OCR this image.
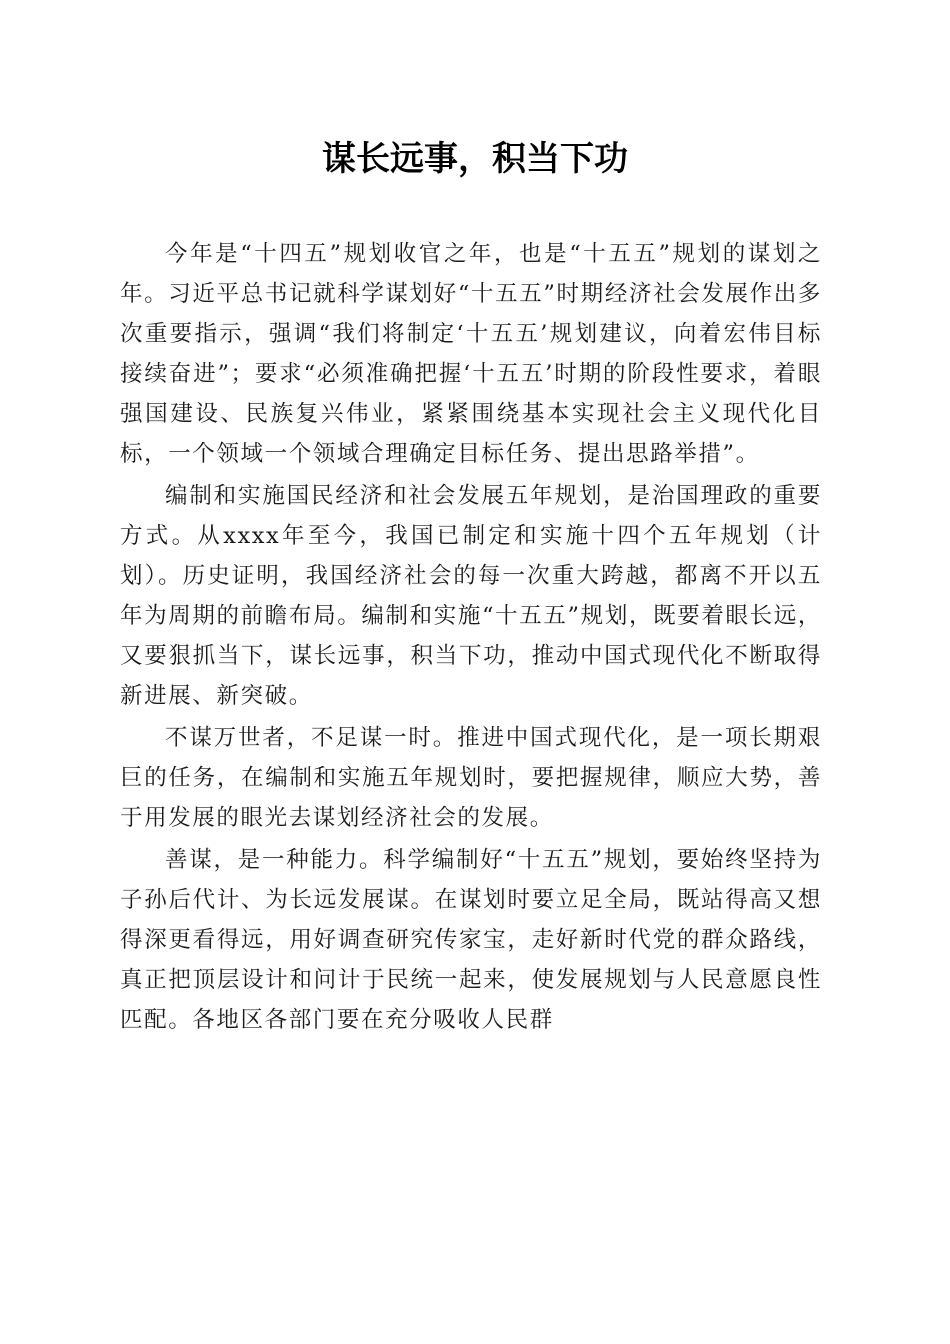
谋长远事，积当下功

今年是“十四五”规划收官之年，也是“十五五”规划的谋划之年。习近平总书记就科学谋划好“十五五”时期经济社会发展作出多次重要指示，强调“我们将制定‘十五五’规划建议，向着宏伟目标接续奋进”；要求“必须准确把握‘十五五’时期的阶段性要求，着眼强国建设、民族复兴伟业，紧紧围绕基本实现社会主义现代化目标，一个领域一个领域合理确定目标任务、提出思路举措”。

编制和实施国民经济和社会发展五年规划，是治国理政的重要方式。从xxxx年至今，我国已制定和实施十四个五年规划（计划）。历史证明，我国经济社会的每一次重大跨越，都离不开以五年为周期的前瞻布局。编制和实施“十五五”规划，既要着眼长远，又要狠抓当下，谋长远事，积当下功，推动中国式现代化不断取得新进展、新突破。

不谋万世者，不足谋一时。推进中国式现代化，是一项长期艰巨的任务，在编制和实施五年规划时，要把握规律，顺应大势，善于用发展的眼光去谋划经济社会的发展。

善谋，是一种能力。科学编制好“十五五”规划，要始终坚持为子孙后代计、为长远发展谋。在谋划时要立足全局，既站得高又想得深更看得远，用好调查研究传家宝，走好新时代党的群众路线，真正把顶层设计和问计于民统一起来，使发展规划与人民意愿良性匹配。各地区各部门要在充分吸收人民群
